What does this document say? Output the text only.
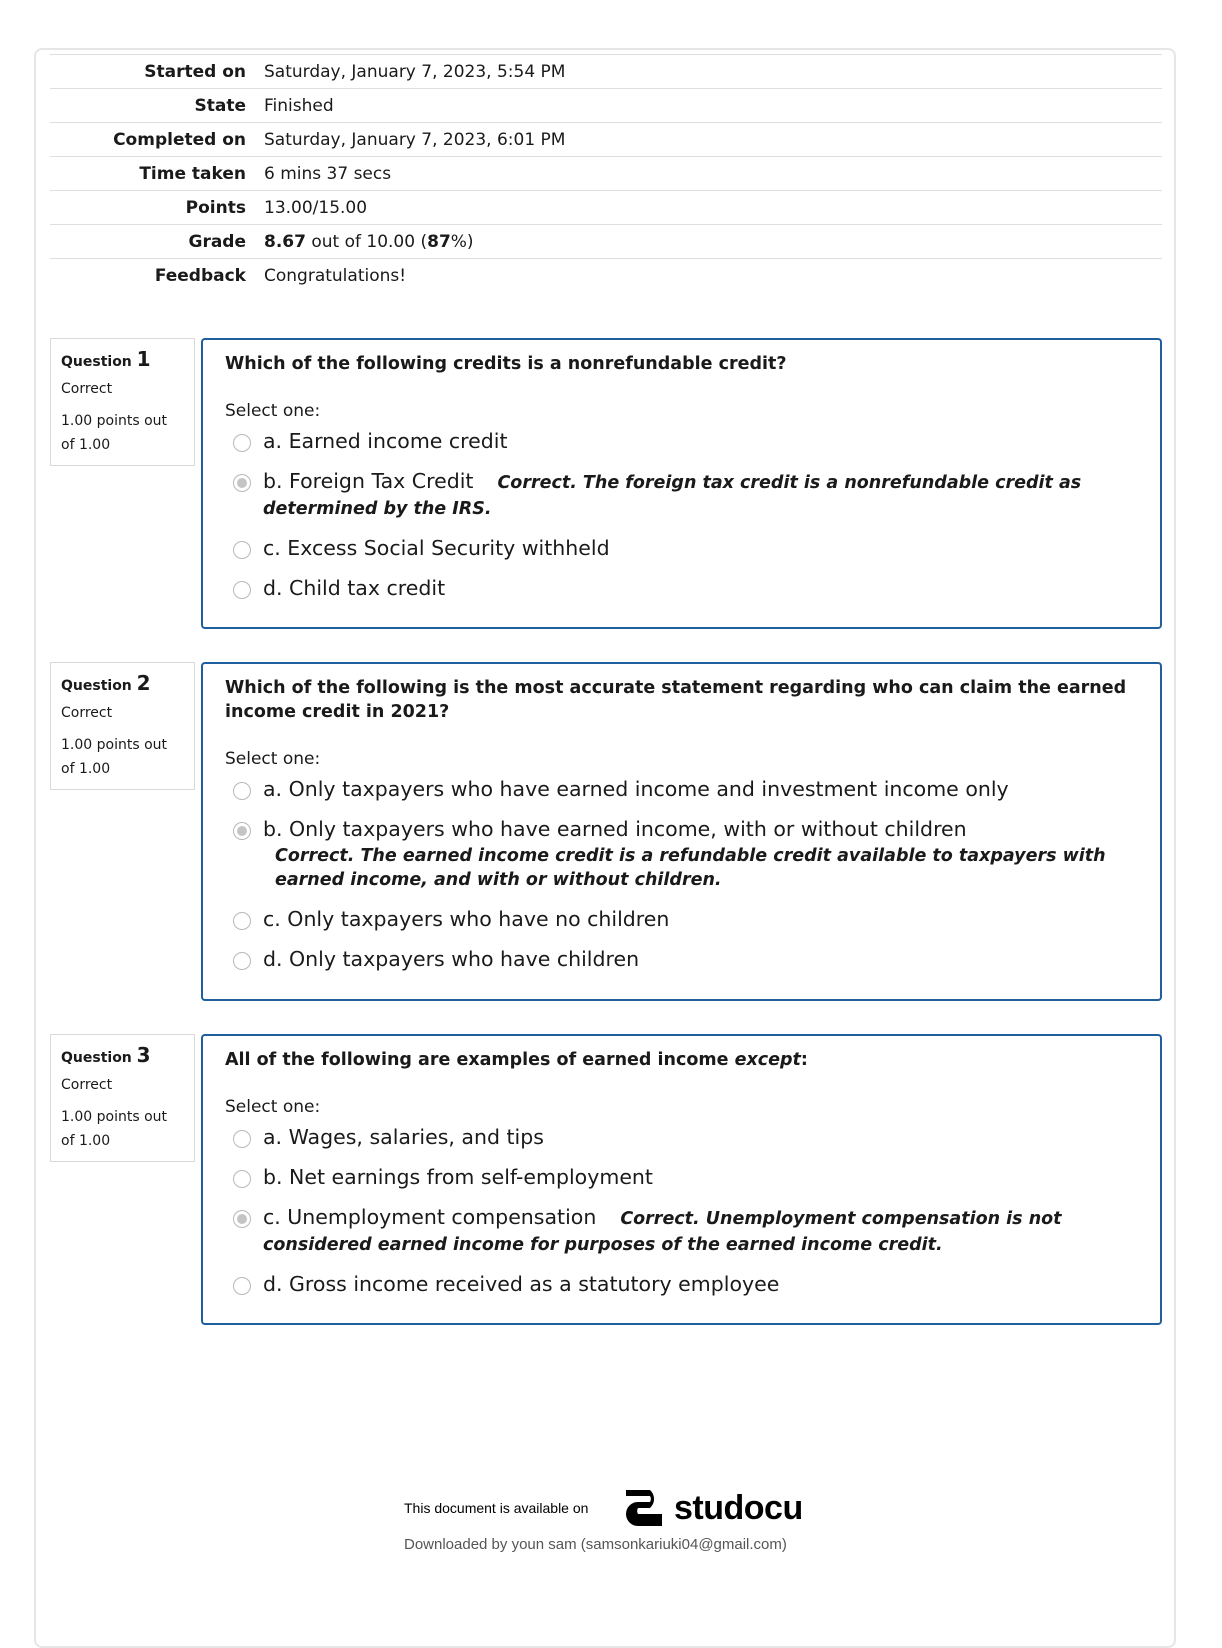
Started on	Saturday, January 7, 2023, 5:54 PM
State	Finished
Completed on	Saturday, January 7, 2023, 6:01 PM
Time taken	6 mins 37 secs
Points	13.00/15.00
Grade	8.67 out of 10.00 (87%)
Feedback	Congratulations!
Question 1
Correct
1.00 points out of 1.00
Which of the following credits is a nonrefundable credit?
Select one:
a. Earned income credit
b. Foreign Tax Credit Correct. The foreign tax credit is a nonrefundable credit as determined by the IRS.
c. Excess Social Security withheld
d. Child tax credit
Question 2
Correct
1.00 points out of 1.00
Which of the following is the most accurate statement regarding who can claim the earned income credit in 2021?
Select one:
a. Only taxpayers who have earned income and investment income only
b. Only taxpayers who have earned income, with or without children
Correct. The earned income credit is a refundable credit available to taxpayers with earned income, and with or without children.
c. Only taxpayers who have no children
d. Only taxpayers who have children
Question 3
Correct
1.00 points out of 1.00
All of the following are examples of earned income except:
Select one:
a. Wages, salaries, and tips
b. Net earnings from self-employment
c. Unemployment compensation Correct. Unemployment compensation is not considered earned income for purposes of the earned income credit.
d. Gross income received as a statutory employee
This document is available on	studocu
Downloaded by youn sam (samsonkariuki04@gmail.com)
